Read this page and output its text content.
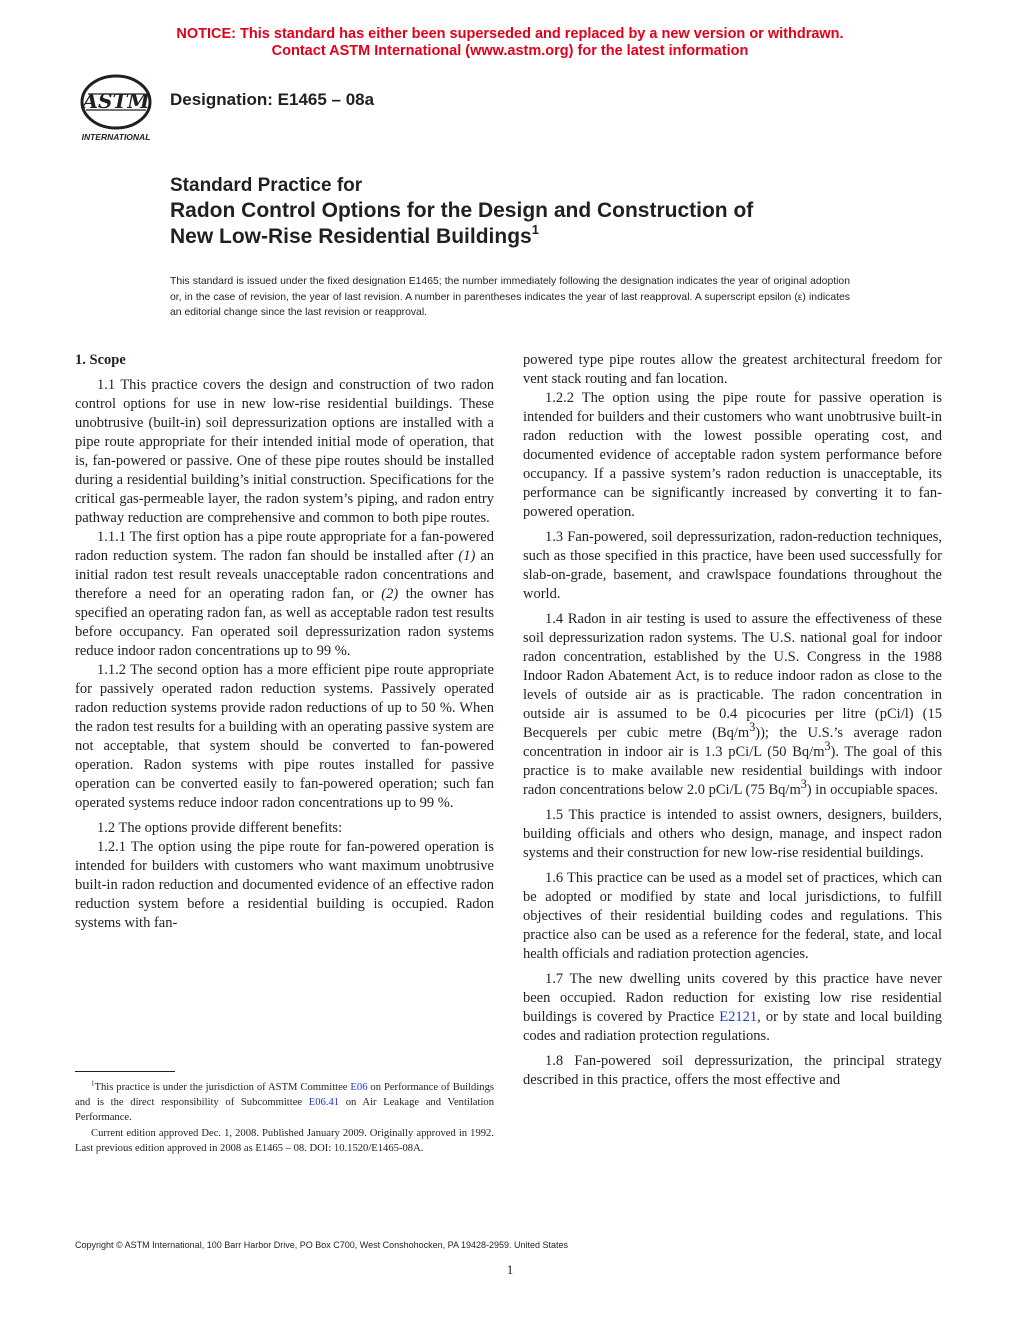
NOTICE: This standard has either been superseded and replaced by a new version or withdrawn.
Contact ASTM International (www.astm.org) for the latest information
ASTM
INTERNATIONAL
Designation: E1465 – 08a
Standard Practice for
Radon Control Options for the Design and Construction of
New Low-Rise Residential Buildings$^1$
This standard is issued under the fixed designation E1465; the number immediately following the designation indicates the year of original adoption or, in the case of revision, the year of last revision. A number in parentheses indicates the year of last reapproval. A superscript epsilon (ε) indicates an editorial change since the last revision or reapproval.

1. Scope

1.1 This practice covers the design and construction of two radon control options for use in new low-rise residential buildings. These unobtrusive (built-in) soil depressurization options are installed with a pipe route appropriate for their intended initial mode of operation, that is, fan-powered or passive. One of these pipe routes should be installed during a residential building’s initial construction. Specifications for the critical gas-permeable layer, the radon system’s piping, and radon entry pathway reduction are comprehensive and common to both pipe routes.

1.1.1 The first option has a pipe route appropriate for a fan-powered radon reduction system. The radon fan should be installed after (1) an initial radon test result reveals unacceptable radon concentrations and therefore a need for an operating radon fan, or (2) the owner has specified an operating radon fan, as well as acceptable radon test results before occupancy. Fan operated soil depressurization radon systems reduce indoor radon concentrations up to 99 %.

1.1.2 The second option has a more efficient pipe route appropriate for passively operated radon reduction systems. Passively operated radon reduction systems provide radon reductions of up to 50 %. When the radon test results for a building with an operating passive system are not acceptable, that system should be converted to fan-powered operation. Radon systems with pipe routes installed for passive operation can be converted easily to fan-powered operation; such fan operated systems reduce indoor radon concentrations up to 99 %.

1.2 The options provide different benefits:

1.2.1 The option using the pipe route for fan-powered operation is intended for builders with customers who want maximum unobtrusive built-in radon reduction and documented evidence of an effective radon reduction system before a residential building is occupied. Radon systems with fan-

powered type pipe routes allow the greatest architectural freedom for vent stack routing and fan location.

1.2.2 The option using the pipe route for passive operation is intended for builders and their customers who want unobtrusive built-in radon reduction with the lowest possible operating cost, and documented evidence of acceptable radon system performance before occupancy. If a passive system’s radon reduction is unacceptable, its performance can be significantly increased by converting it to fan-powered operation.

1.3 Fan-powered, soil depressurization, radon-reduction techniques, such as those specified in this practice, have been used successfully for slab-on-grade, basement, and crawlspace foundations throughout the world.

1.4 Radon in air testing is used to assure the effectiveness of these soil depressurization radon systems. The U.S. national goal for indoor radon concentration, established by the U.S. Congress in the 1988 Indoor Radon Abatement Act, is to reduce indoor radon as close to the levels of outside air as is practicable. The radon concentration in outside air is assumed to be 0.4 picocuries per litre (pCi/l) (15 Becquerels per cubic metre $(Bq/m^3)$); the U.S.’s average radon concentration in indoor air is 1.3 pCi/L (50 $Bq/m^3$). The goal of this practice is to make available new residential buildings with indoor radon concentrations below 2.0 pCi/L (75 $Bq/m^3$) in occupiable spaces.

1.5 This practice is intended to assist owners, designers, builders, building officials and others who design, manage, and inspect radon systems and their construction for new low-rise residential buildings.

1.6 This practice can be used as a model set of practices, which can be adopted or modified by state and local jurisdictions, to fulfill objectives of their residential building codes and regulations. This practice also can be used as a reference for the federal, state, and local health officials and radiation protection agencies.

1.7 The new dwelling units covered by this practice have never been occupied. Radon reduction for existing low rise residential buildings is covered by Practice E2121, or by state and local building codes and radiation protection regulations.

1.8 Fan-powered soil depressurization, the principal strategy described in this practice, offers the most effective and

$^1$This practice is under the jurisdiction of ASTM Committee E06 on Performance of Buildings and is the direct responsibility of Subcommittee E06.41 on Air Leakage and Ventilation Performance.

Current edition approved Dec. 1, 2008. Published January 2009. Originally approved in 1992. Last previous edition approved in 2008 as E1465 – 08. DOI: 10.1520/E1465-08A.

Copyright © ASTM International, 100 Barr Harbor Drive, PO Box C700, West Conshohocken, PA 19428-2959. United States
1
